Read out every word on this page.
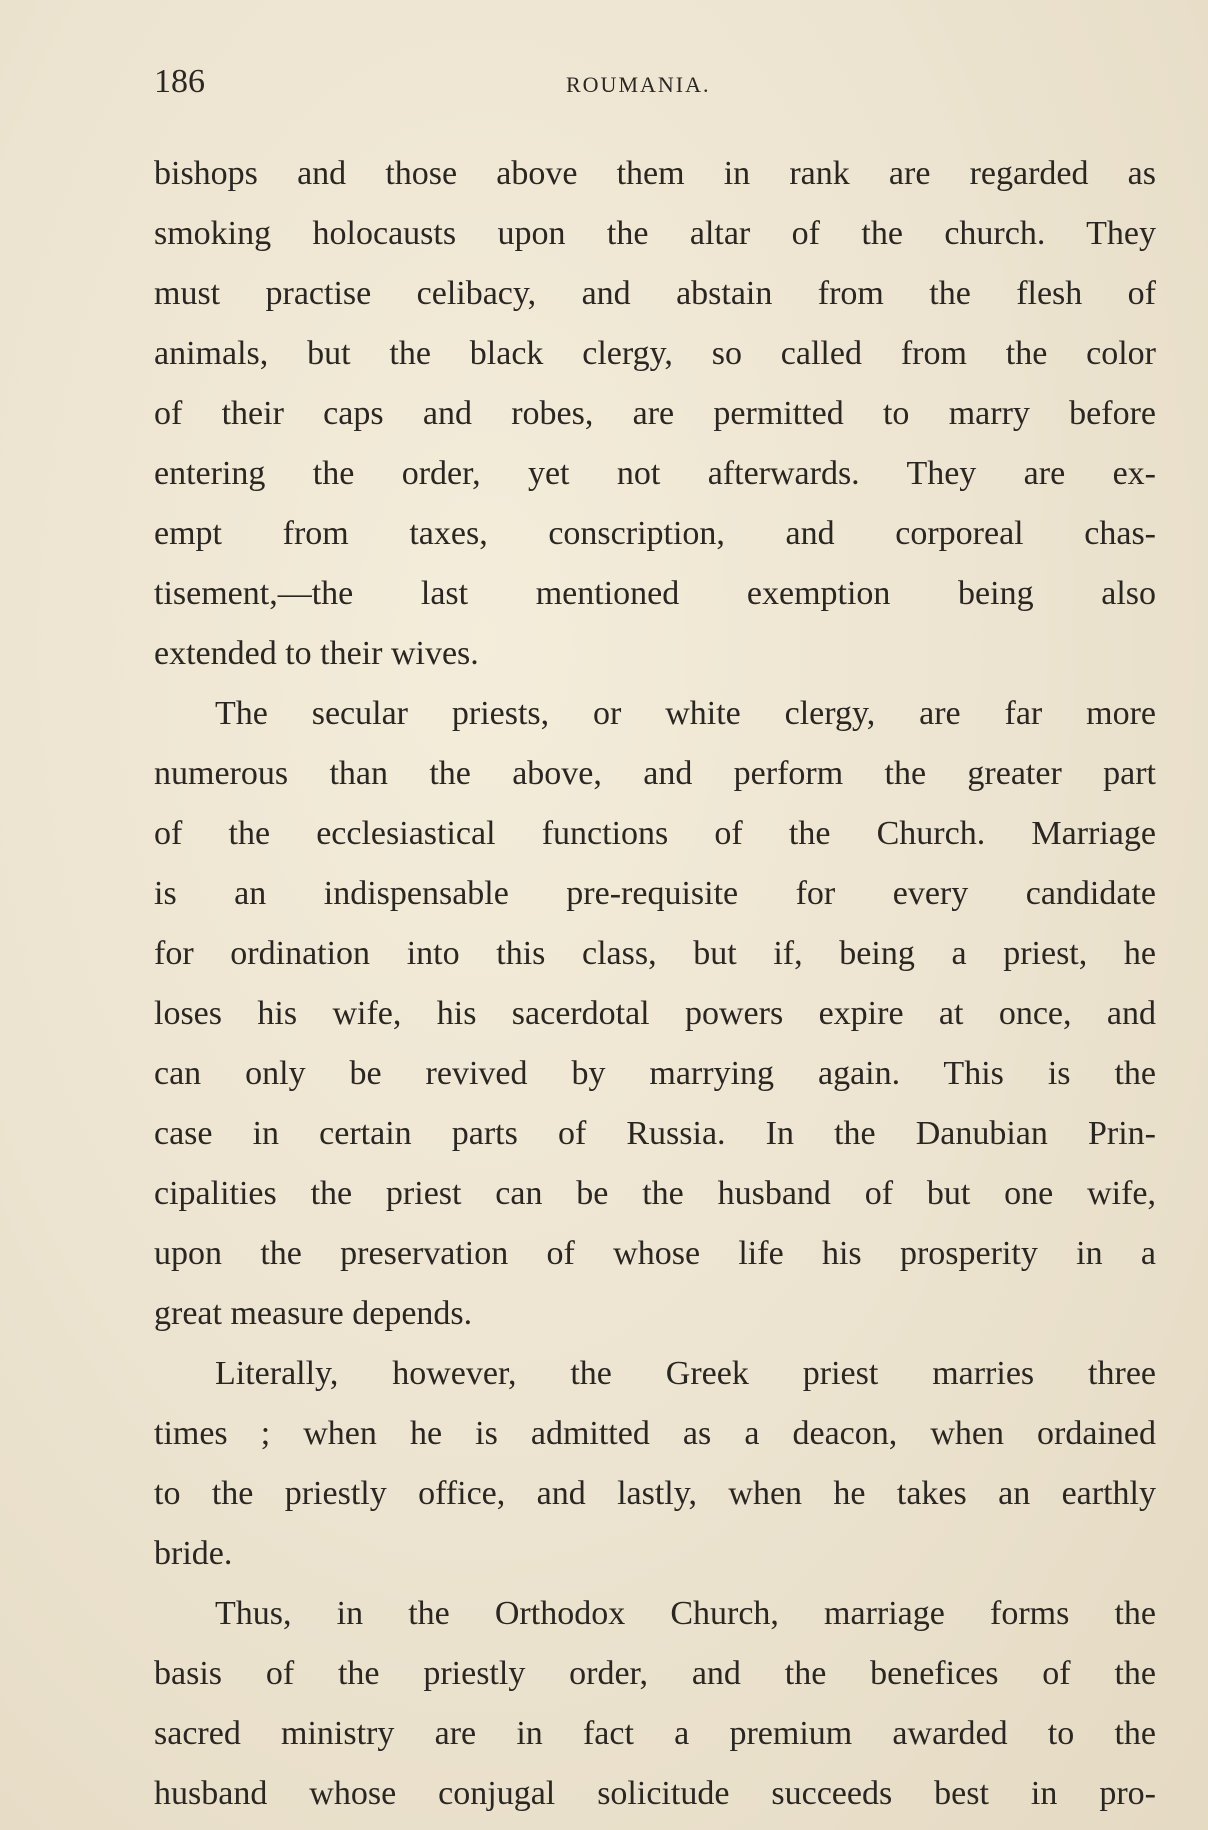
186	ROUMANIA.
bishops and those above them in rank are regarded as
smoking holocausts upon the altar of the church. They
must practise celibacy, and abstain from the flesh of
animals, but the black clergy, so called from the color
of their caps and robes, are permitted to marry before
entering the order, yet not afterwards. They are ex-
empt from taxes, conscription, and corporeal chas-
tisement,—the last mentioned exemption being also
extended to their wives.
The secular priests, or white clergy, are far more
numerous than the above, and perform the greater part
of the ecclesiastical functions of the Church. Marriage
is an indispensable pre-requisite for every candidate
for ordination into this class, but if, being a priest, he
loses his wife, his sacerdotal powers expire at once, and
can only be revived by marrying again. This is the
case in certain parts of Russia. In the Danubian Prin-
cipalities the priest can be the husband of but one wife,
upon the preservation of whose life his prosperity in a
great measure depends.
Literally, however, the Greek priest marries three
times ; when he is admitted as a deacon, when ordained
to the priestly office, and lastly, when he takes an earthly
bride.
Thus, in the Orthodox Church, marriage forms the
basis of the priestly order, and the benefices of the
sacred ministry are in fact a premium awarded to the
husband whose conjugal solicitude succeeds best in pro-
